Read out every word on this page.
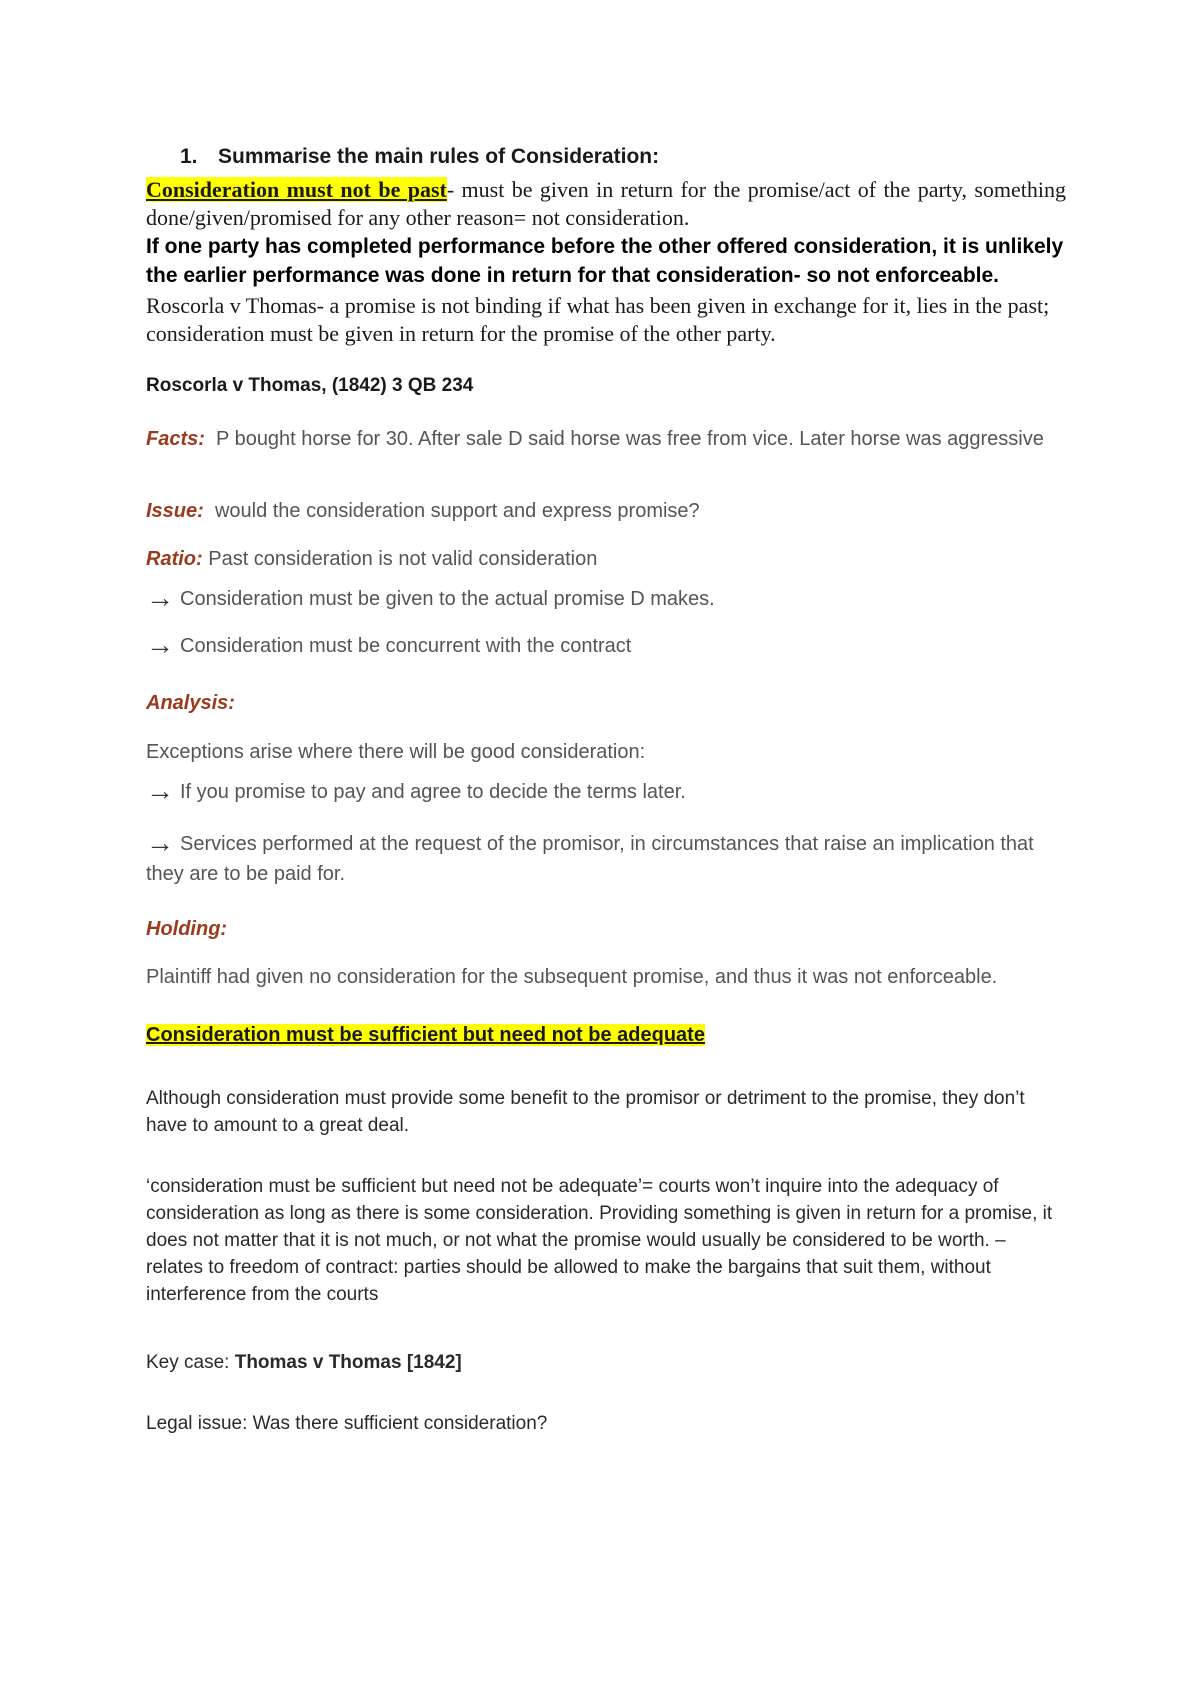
1. Summarise the main rules of Consideration:
Consideration must not be past- must be given in return for the promise/act of the party, something done/given/promised for any other reason= not consideration.
If one party has completed performance before the other offered consideration, it is unlikely the earlier performance was done in return for that consideration- so not enforceable.
Roscorla v Thomas- a promise is not binding if what has been given in exchange for it, lies in the past; consideration must be given in return for the promise of the other party.
Roscorla v Thomas, (1842) 3 QB 234
Facts: P bought horse for 30. After sale D said horse was free from vice. Later horse was aggressive
Issue: would the consideration support and express promise?
Ratio: Past consideration is not valid consideration
→ Consideration must be given to the actual promise D makes.
→ Consideration must be concurrent with the contract
Analysis:
Exceptions arise where there will be good consideration:
→ If you promise to pay and agree to decide the terms later.
→ Services performed at the request of the promisor, in circumstances that raise an implication that they are to be paid for.
Holding:
Plaintiff had given no consideration for the subsequent promise, and thus it was not enforceable.
Consideration must be sufficient but need not be adequate
Although consideration must provide some benefit to the promisor or detriment to the promise, they don’t have to amount to a great deal.
‘consideration must be sufficient but need not be adequate’= courts won’t inquire into the adequacy of consideration as long as there is some consideration. Providing something is given in return for a promise, it does not matter that it is not much, or not what the promise would usually be considered to be worth. – relates to freedom of contract: parties should be allowed to make the bargains that suit them, without interference from the courts
Key case: Thomas v Thomas [1842]
Legal issue: Was there sufficient consideration?
